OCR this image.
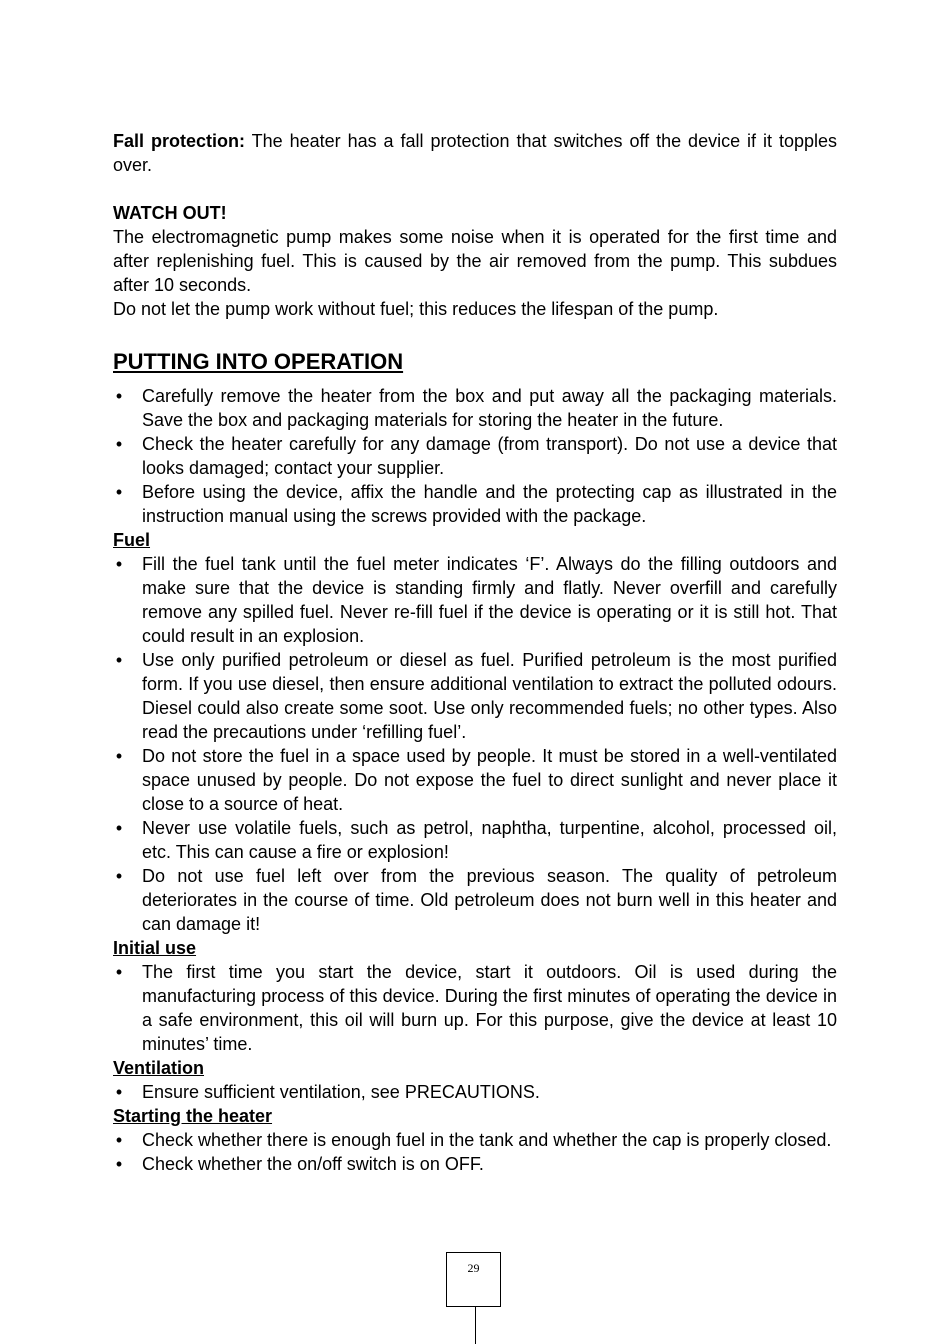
Fall protection: The heater has a fall protection that switches off the device if it topples over.

WATCH OUT!

The electromagnetic pump makes some noise when it is operated for the first time and after replenishing fuel. This is caused by the air removed from the pump. This subdues after 10 seconds.

Do not let the pump work without fuel; this reduces the lifespan of the pump.

PUTTING INTO OPERATION
• Carefully remove the heater from the box and put away all the packaging materials. Save the box and packaging materials for storing the heater in the future.
• Check the heater carefully for any damage (from transport). Do not use a device that looks damaged; contact your supplier.
• Before using the device, affix the handle and the protecting cap as illustrated in the instruction manual using the screws provided with the package.
Fuel
• Fill the fuel tank until the fuel meter indicates ‘F’. Always do the filling outdoors and make sure that the device is standing firmly and flatly. Never overfill and carefully remove any spilled fuel. Never re-fill fuel if the device is operating or it is still hot. That could result in an explosion.
• Use only purified petroleum or diesel as fuel. Purified petroleum is the most purified form. If you use diesel, then ensure additional ventilation to extract the polluted odours. Diesel could also create some soot. Use only recommended fuels; no other types. Also read the precautions under ‘refilling fuel’.
• Do not store the fuel in a space used by people. It must be stored in a well-ventilated space unused by people. Do not expose the fuel to direct sunlight and never place it close to a source of heat.
• Never use volatile fuels, such as petrol, naphtha, turpentine, alcohol, processed oil, etc. This can cause a fire or explosion!
• Do not use fuel left over from the previous season. The quality of petroleum deteriorates in the course of time. Old petroleum does not burn well in this heater and can damage it!
Initial use
• The first time you start the device, start it outdoors. Oil is used during the manufacturing process of this device. During the first minutes of operating the device in a safe environment, this oil will burn up. For this purpose, give the device at least 10 minutes’ time.
Ventilation
• Ensure sufficient ventilation, see PRECAUTIONS.
Starting the heater
• Check whether there is enough fuel in the tank and whether the cap is properly closed.
• Check whether the on/off switch is on OFF.
29
